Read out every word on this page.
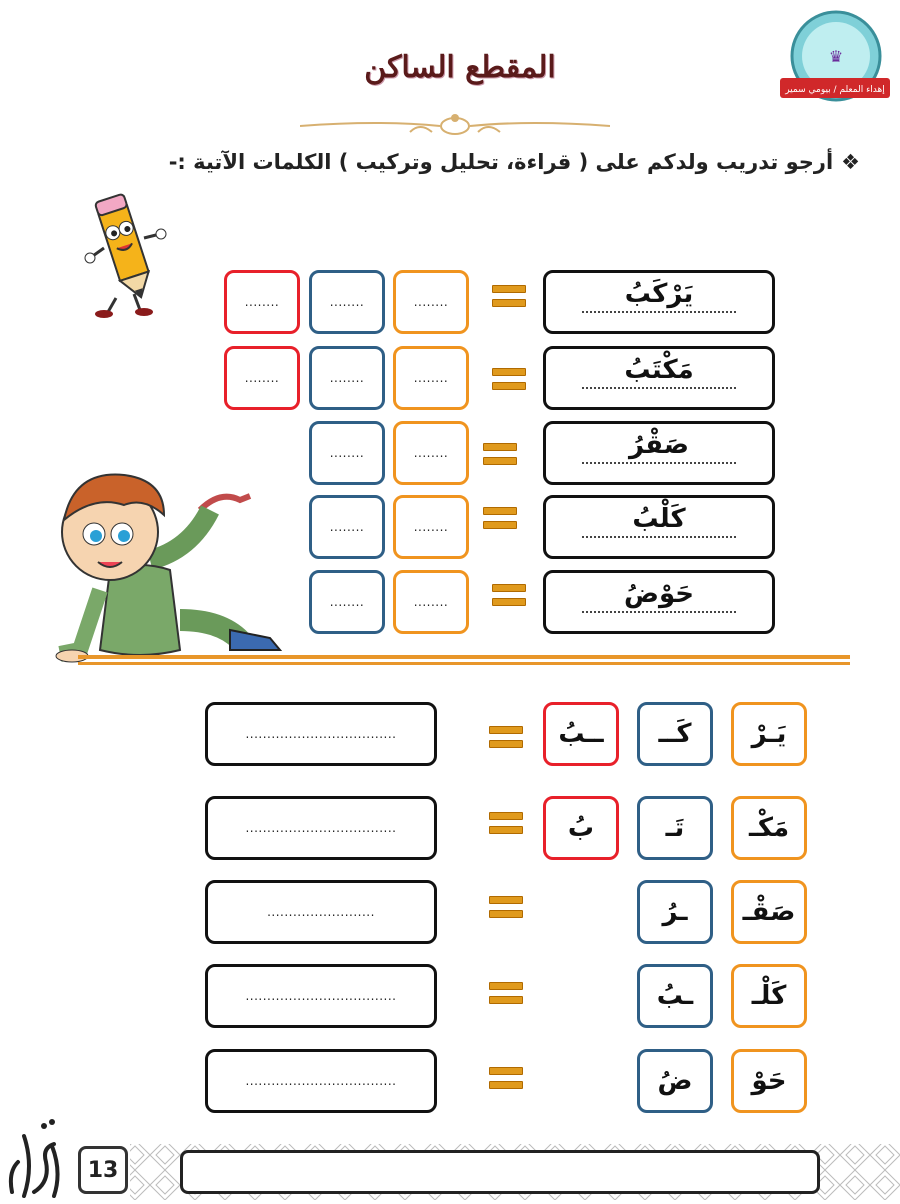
♛
إهداء المعلم / بيومي سمير
المقطع الساكن
❖أرجو تدريب ولدكم على ( قراءة، تحليل وتركيب ) الكلمات الآتية :-
يَرْكَبُ
........
........
........
مَكْتَبُ
........
........
........
صَقْرُ
........
........
كَلْبُ
........
........
حَوْضُ
........
........
...................................	ــبُ كَــ يَـرْ
...................................	بُ	تَـ مَكْـ
.........................	ـرُ صَقْـ
...................................	ـبُ كَلْـ
...................................	ضُ حَوْ
13
